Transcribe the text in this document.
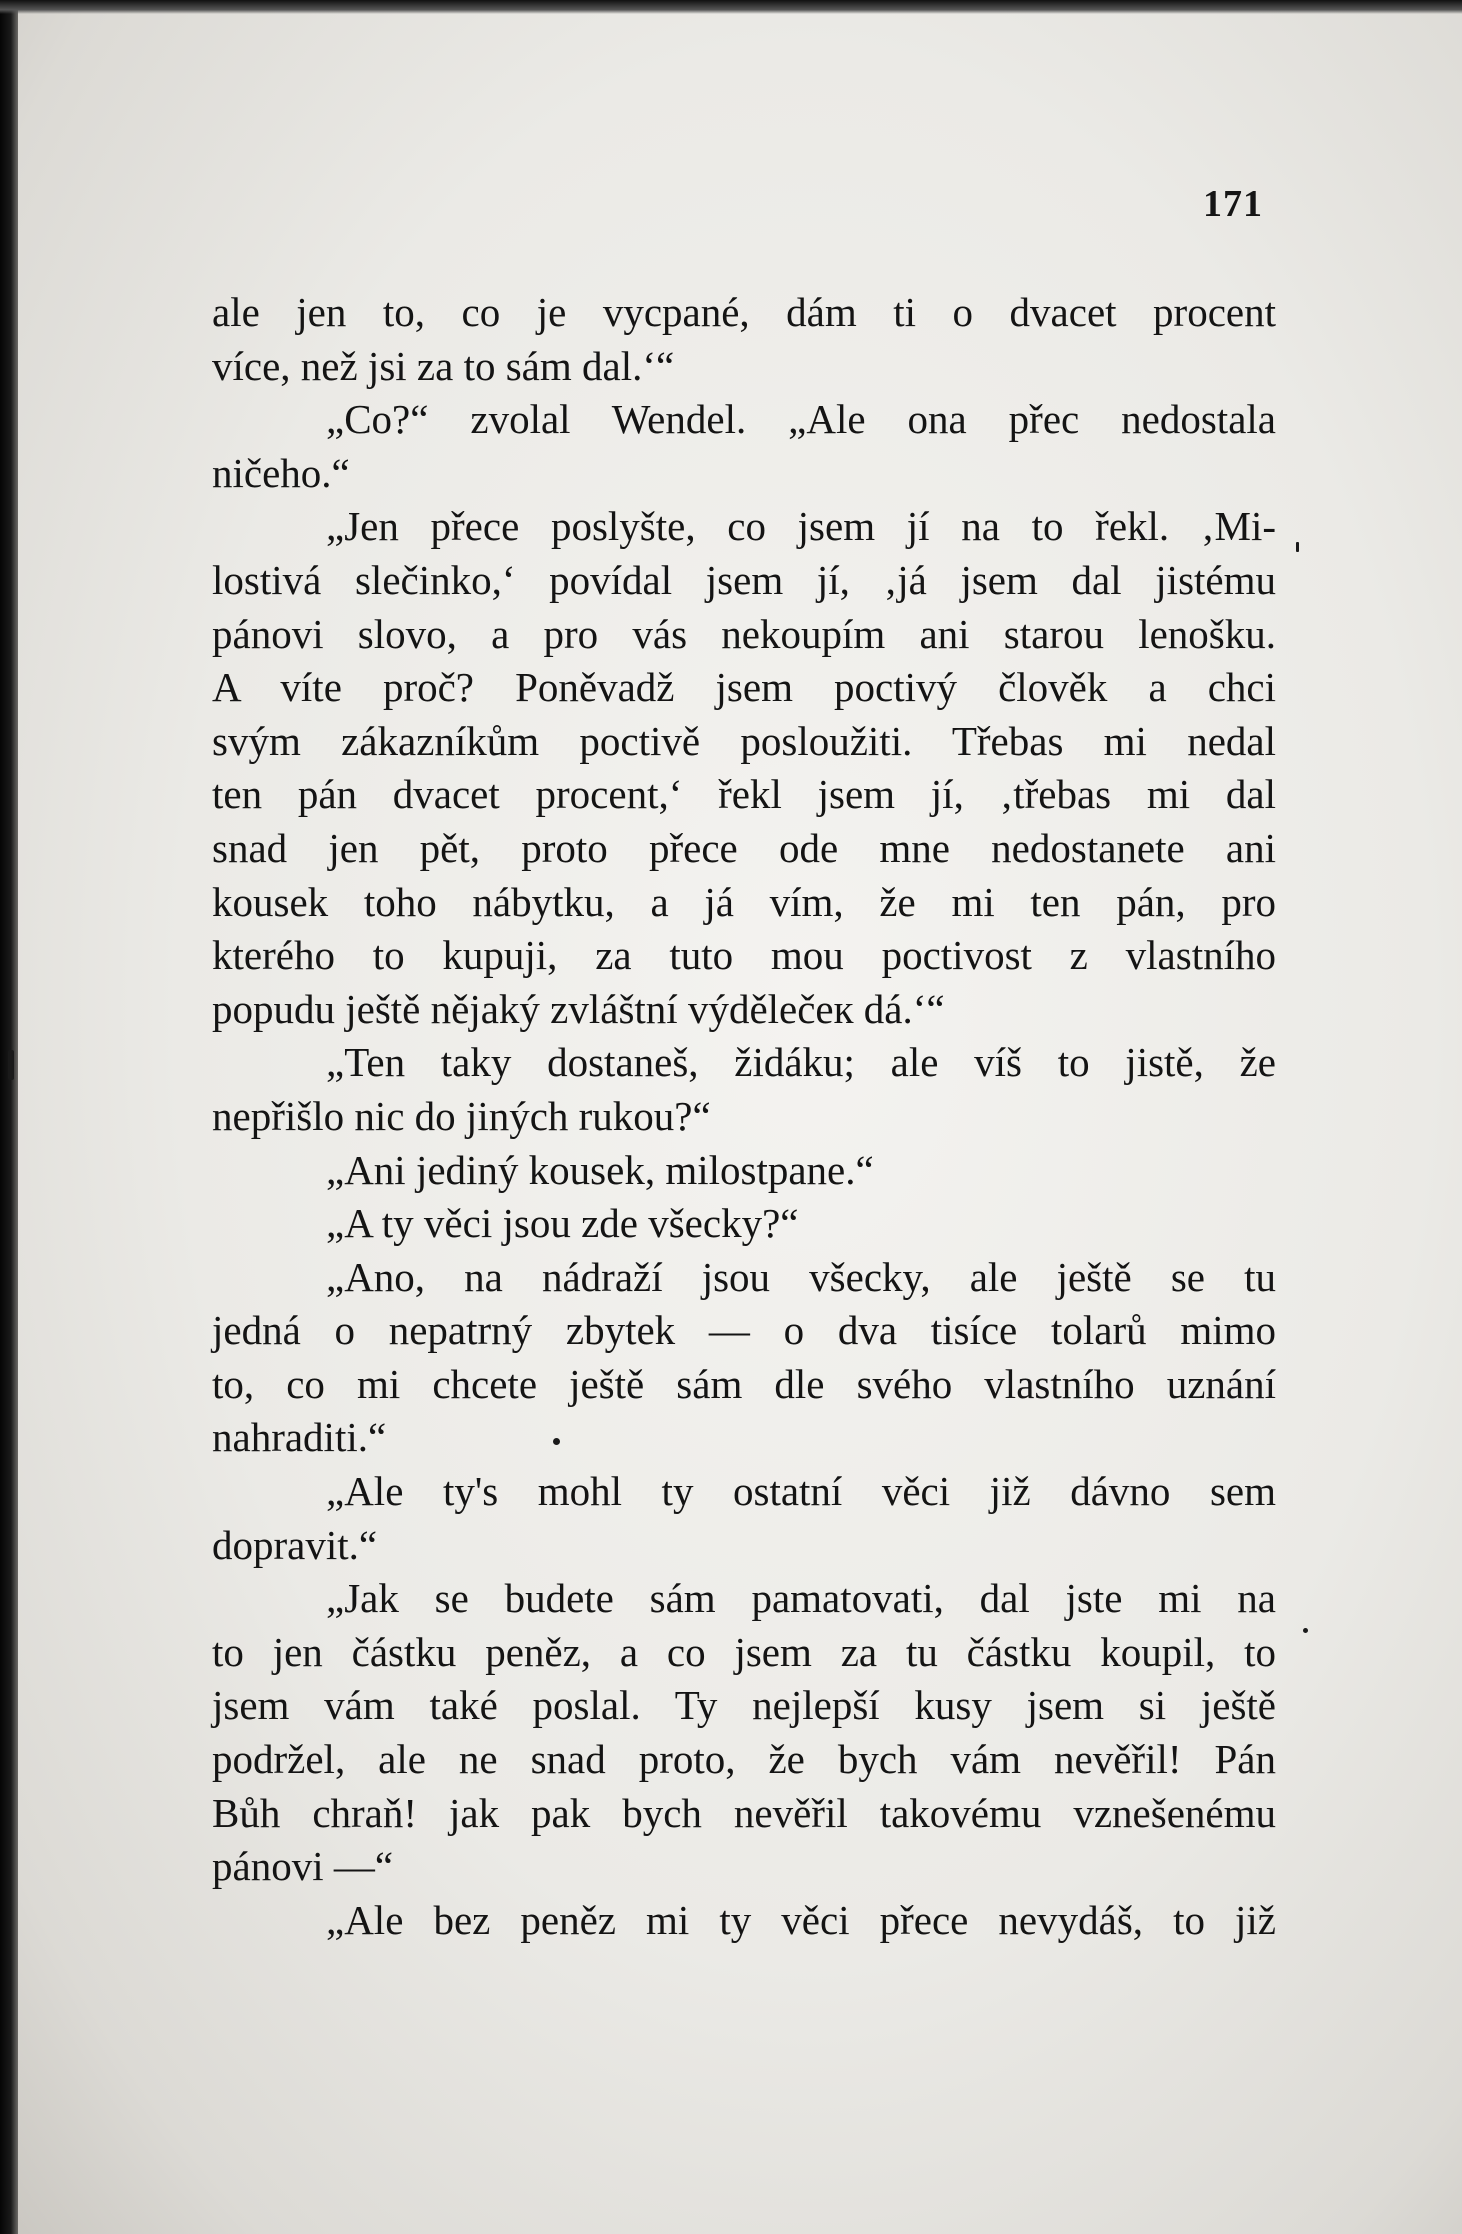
171
ale jen to, co je vycpané, dám ti o dvacet procent
více, než jsi za to sám dal.‘“
„Co?“ zvolal Wendel. „Ale ona přec nedostala
ničeho.“
„Jen přece poslyšte, co jsem jí na to řekl. ‚Mi-
lostivá slečinko,‘ povídal jsem jí, ‚já jsem dal jistému
pánovi slovo, a pro vás nekoupím ani starou lenošku.
A víte proč? Poněvadž jsem poctivý člověk a chci
svým zákazníkům poctivě posloužiti. Třebas mi nedal
ten pán dvacet procent,‘ řekl jsem jí, ‚třebas mi dal
snad jen pět, proto přece ode mne nedostanete ani
kousek toho nábytku, a já vím, že mi ten pán, pro
kterého to kupuji, za tuto mou poctivost z vlastního
popudu ještě nějaký zvláštní výdělečeк dá.‘“
„Ten taky dostaneš, židáku; ale víš to jistě, že
nepřišlo nic do jiných rukou?“
„Ani jediný kousek, milostpane.“
„A ty věci jsou zde všecky?“
„Ano, na nádraží jsou všecky, ale ještě se tu
jedná o nepatrný zbytek — o dva tisíce tolarů mimo
to, co mi chcete ještě sám dle svého vlastního uznání
nahraditi.“
„Ale ty's mohl ty ostatní věci již dávno sem
dopravit.“
„Jak se budete sám pamatovati, dal jste mi na
to jen částku peněz, a co jsem za tu částku koupil, to
jsem vám také poslal. Ty nejlepší kusy jsem si ještě
podržel, ale ne snad proto, že bych vám nevěřil! Pán
Bůh chraň! jak pak bych nevěřil takovému vznešenému
pánovi —“
„Ale bez peněz mi ty věci přece nevydáš, to již
